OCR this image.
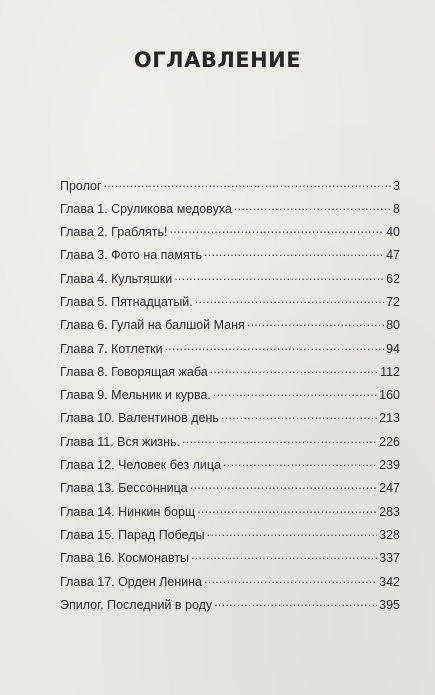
ОГЛАВЛЕНИЕ
Пролог . . .	3
Глава 1. Сруликова медовуха . . .	8
Глава 2. Граблять! . . .	40
Глава 3. Фото на память . . .	47
Глава 4. Культяшки . . .	62
Глава 5. Пятнадцатый. . . .	72
Глава 6. Гулай на балшой Маня . . .	80
Глава 7. Котлетки . . .	94
Глава 8. Говорящая жаба . . .	112
Глава 9. Мельник и курва. . . .	160
Глава 10. Валентинов день . . .	213
Глава 11. Вся жизнь. . . .	226
Глава 12. Человек без лица . . .	239
Глава 13. Бессонница . . .	247
Глава 14. Нинкин борщ . . .	283
Глава 15. Парад Победы . . .	328
Глава 16. Космонавты . . .	337
Глава 17. Орден Ленина . . .	342
Эпилог. Последний в роду . . .	395
